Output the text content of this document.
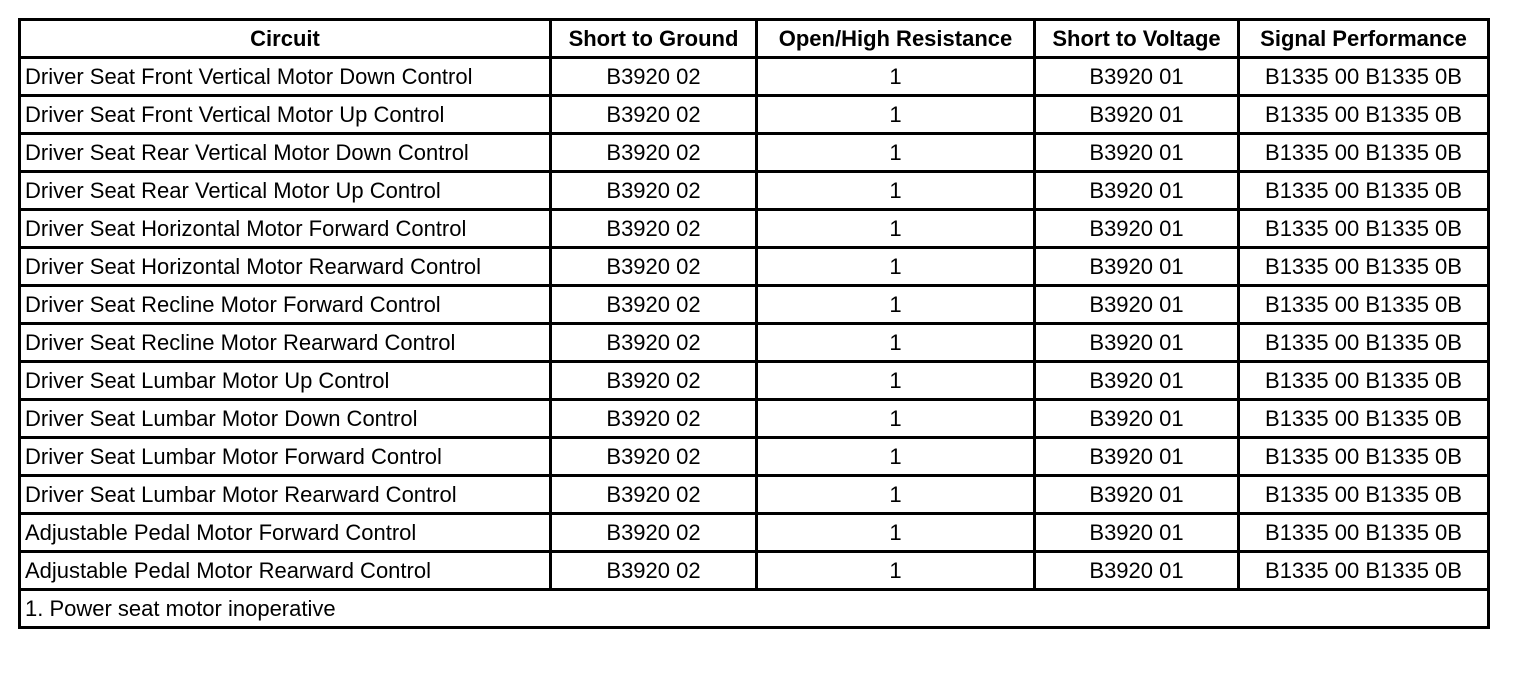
Circuit	Short to Ground	Open/High Resistance	Short to Voltage	Signal Performance
Driver Seat Front Vertical Motor Down Control	B3920 02	1	B3920 01	B1335 00 B1335 0B
Driver Seat Front Vertical Motor Up Control	B3920 02	1	B3920 01	B1335 00 B1335 0B
Driver Seat Rear Vertical Motor Down Control	B3920 02	1	B3920 01	B1335 00 B1335 0B
Driver Seat Rear Vertical Motor Up Control	B3920 02	1	B3920 01	B1335 00 B1335 0B
Driver Seat Horizontal Motor Forward Control	B3920 02	1	B3920 01	B1335 00 B1335 0B
Driver Seat Horizontal Motor Rearward Control	B3920 02	1	B3920 01	B1335 00 B1335 0B
Driver Seat Recline Motor Forward Control	B3920 02	1	B3920 01	B1335 00 B1335 0B
Driver Seat Recline Motor Rearward Control	B3920 02	1	B3920 01	B1335 00 B1335 0B
Driver Seat Lumbar Motor Up Control	B3920 02	1	B3920 01	B1335 00 B1335 0B
Driver Seat Lumbar Motor Down Control	B3920 02	1	B3920 01	B1335 00 B1335 0B
Driver Seat Lumbar Motor Forward Control	B3920 02	1	B3920 01	B1335 00 B1335 0B
Driver Seat Lumbar Motor Rearward Control	B3920 02	1	B3920 01	B1335 00 B1335 0B
Adjustable Pedal Motor Forward Control	B3920 02	1	B3920 01	B1335 00 B1335 0B
Adjustable Pedal Motor Rearward Control	B3920 02	1	B3920 01	B1335 00 B1335 0B
1. Power seat motor inoperative				
